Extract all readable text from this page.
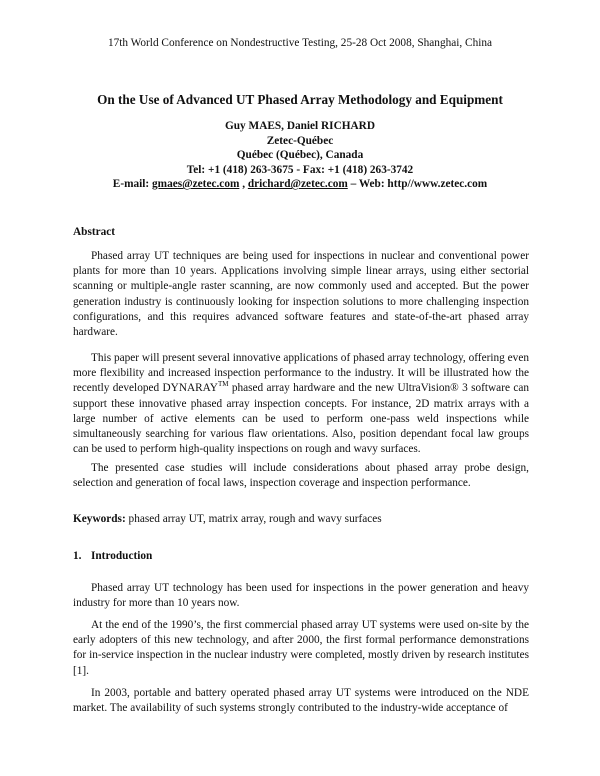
17th World Conference on Nondestructive Testing, 25-28 Oct 2008, Shanghai, China
On the Use of Advanced UT Phased Array Methodology and Equipment
Guy MAES, Daniel RICHARD
Zetec-Québec
Québec (Québec), Canada
Tel: +1 (418) 263-3675 - Fax: +1 (418) 263-3742
E-mail: gmaes@zetec.com , drichard@zetec.com – Web: http//www.zetec.com
Abstract

Phased array UT techniques are being used for inspections in nuclear and conventional power plants for more than 10 years. Applications involving simple linear arrays, using either sectorial scanning or multiple-angle raster scanning, are now commonly used and accepted. But the power generation industry is continuously looking for inspection solutions to more challenging inspection configurations, and this requires advanced software features and state-of-the-art phased array hardware.

This paper will present several innovative applications of phased array technology, offering even more flexibility and increased inspection performance to the industry. It will be illustrated how the recently developed DYNARAY™ phased array hardware and the new UltraVision® 3 software can support these innovative phased array inspection concepts. For instance, 2D matrix arrays with a large number of active elements can be used to perform one-pass weld inspections while simultaneously searching for various flaw orientations. Also, position dependant focal law groups can be used to perform high-quality inspections on rough and wavy surfaces.

The presented case studies will include considerations about phased array probe design, selection and generation of focal laws, inspection coverage and inspection performance.

Keywords: phased array UT, matrix array, rough and wavy surfaces

1. Introduction

Phased array UT technology has been used for inspections in the power generation and heavy industry for more than 10 years now.

At the end of the 1990’s, the first commercial phased array UT systems were used on-site by the early adopters of this new technology, and after 2000, the first formal performance demonstrations for in-service inspection in the nuclear industry were completed, mostly driven by research institutes [1].

In 2003, portable and battery operated phased array UT systems were introduced on the NDE market. The availability of such systems strongly contributed to the industry-wide acceptance of
